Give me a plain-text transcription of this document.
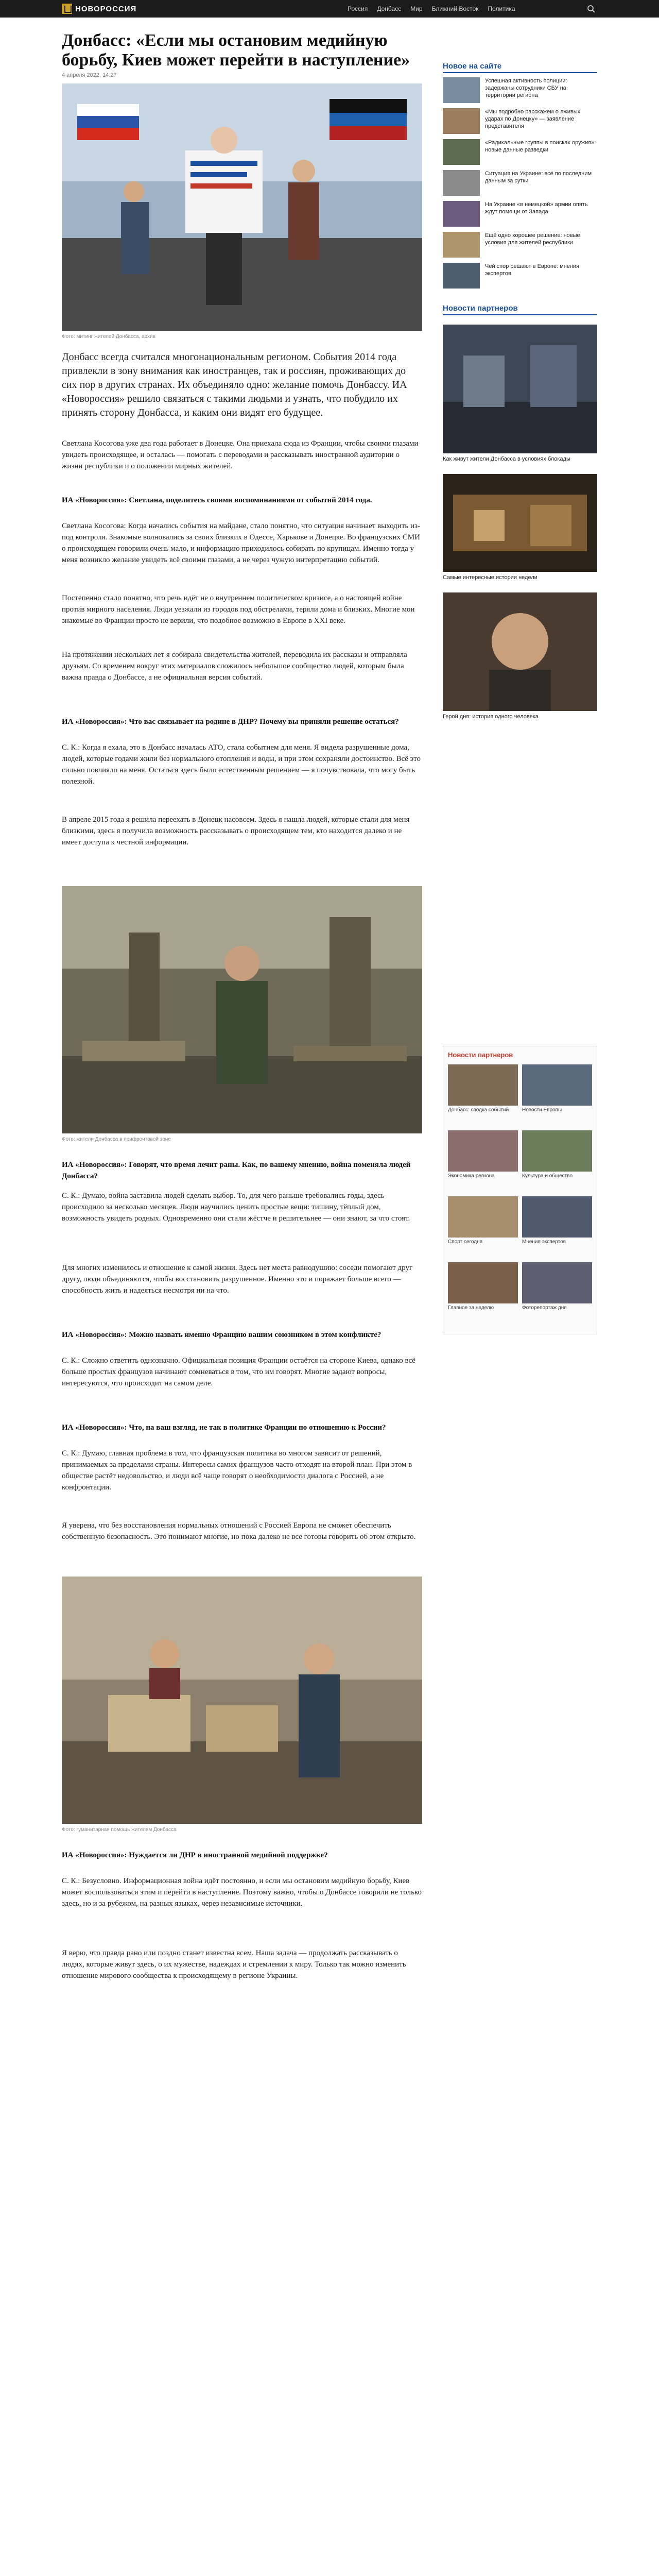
НОВОРОССИЯ	Россия Донбасс Мир Ближний Восток Политика
Донбасс: «Если мы остановим медийную борьбу, Киев может перейти в наступление»
4 апреля 2022, 14:27
Фото: митинг жителей Донбасса, архив

Донбасс всегда считался многонациональным регионом. События 2014 года привлекли в зону внимания как иностранцев, так и россиян, проживающих до сих пор в других странах. Их объединяло одно: желание помочь Донбассу. ИА «Новороссия» решило связаться с такими людьми и узнать, что побудило их принять сторону Донбасса, и каким они видят его будущее.

Светлана Косогова уже два года работает в Донецке. Она приехала сюда из Франции, чтобы своими глазами увидеть происходящее, и осталась — помогать с переводами и рассказывать иностранной аудитории о жизни республики и о положении мирных жителей.

ИА «Новороссия»: Светлана, поделитесь своими воспоминаниями от событий 2014 года.

Светлана Косогова: Когда начались события на майдане, стало понятно, что ситуация начинает выходить из-под контроля. Знакомые волновались за своих близких в Одессе, Харькове и Донецке. Во французских СМИ о происходящем говорили очень мало, и информацию приходилось собирать по крупицам. Именно тогда у меня возникло желание увидеть всё своими глазами, а не через чужую интерпретацию событий.

Постепенно стало понятно, что речь идёт не о внутреннем политическом кризисе, а о настоящей войне против мирного населения. Люди уезжали из городов под обстрелами, теряли дома и близких. Многие мои знакомые во Франции просто не верили, что подобное возможно в Европе в XXI веке.

На протяжении нескольких лет я собирала свидетельства жителей, переводила их рассказы и отправляла друзьям. Со временем вокруг этих материалов сложилось небольшое сообщество людей, которым была важна правда о Донбассе, а не официальная версия событий.

ИА «Новороссия»: Что вас связывает на родине в ДНР? Почему вы приняли решение остаться?

С. К.: Когда я ехала, это в Донбасс началась АТО, стала событием для меня. Я видела разрушенные дома, людей, которые годами жили без нормального отопления и воды, и при этом сохраняли достоинство. Всё это сильно повлияло на меня. Остаться здесь было естественным решением — я почувствовала, что могу быть полезной.

В апреле 2015 года я решила переехать в Донецк насовсем. Здесь я нашла людей, которые стали для меня близкими, здесь я получила возможность рассказывать о происходящем тем, кто находится далеко и не имеет доступа к честной информации.

Фото: жители Донбасса в прифронтовой зоне

ИА «Новороссия»: Говорят, что время лечит раны. Как, по вашему мнению, война поменяла людей Донбасса?

С. К.: Думаю, война заставила людей сделать выбор. То, для чего раньше требовались годы, здесь происходило за несколько месяцев. Люди научились ценить простые вещи: тишину, тёплый дом, возможность увидеть родных. Одновременно они стали жёстче и решительнее — они знают, за что стоят.

Для многих изменилось и отношение к самой жизни. Здесь нет места равнодушию: соседи помогают друг другу, люди объединяются, чтобы восстановить разрушенное. Именно это и поражает больше всего — способность жить и надеяться несмотря ни на что.

ИА «Новороссия»: Можно назвать именно Францию вашим союзником в этом конфликте?

С. К.: Сложно ответить однозначно. Официальная позиция Франции остаётся на стороне Киева, однако всё больше простых французов начинают сомневаться в том, что им говорят. Многие задают вопросы, интересуются, что происходит на самом деле.

ИА «Новороссия»: Что, на ваш взгляд, не так в политике Франции по отношению к России?

С. К.: Думаю, главная проблема в том, что французская политика во многом зависит от решений, принимаемых за пределами страны. Интересы самих французов часто отходят на второй план. При этом в обществе растёт недовольство, и люди всё чаще говорят о необходимости диалога с Россией, а не конфронтации.

Я уверена, что без восстановления нормальных отношений с Россией Европа не сможет обеспечить собственную безопасность. Это понимают многие, но пока далеко не все готовы говорить об этом открыто.

Фото: гуманитарная помощь жителям Донбасса

ИА «Новороссия»: Нуждается ли ДНР в иностранной медийной поддержке?

С. К.: Безусловно. Информационная война идёт постоянно, и если мы остановим медийную борьбу, Киев может воспользоваться этим и перейти в наступление. Поэтому важно, чтобы о Донбассе говорили не только здесь, но и за рубежом, на разных языках, через независимые источники.

Я верю, что правда рано или поздно станет известна всем. Наша задача — продолжать рассказывать о людях, которые живут здесь, о их мужестве, надеждах и стремлении к миру. Только так можно изменить отношение мирового сообщества к происходящему в регионе Украины.

Новое на сайте
Успешная активность полиции: задержаны сотрудники СБУ на территории региона
«Мы подробно расскажем о лживых ударах по Донецку» — заявление представителя
«Радикальные группы в поисках оружия»: новые данные разведки
Ситуация на Украине: всё по последним данным за сутки
На Украине «в немецкой» армии опять ждут помощи от Запада
Ещё одно хорошее решение: новые условия для жителей республики
Чей спор решают в Европе: мнения экспертов
Новости партнеров
Как живут жители Донбасса в условиях блокады
Самые интересные истории недели
Герой дня: история одного человека
Новости партнеров
Донбасс: сводка событий	Новости Европы
Экономика региона	Культура и общество
Спорт сегодня	Мнения экспертов
Главное за неделю	Фоторепортаж дня
